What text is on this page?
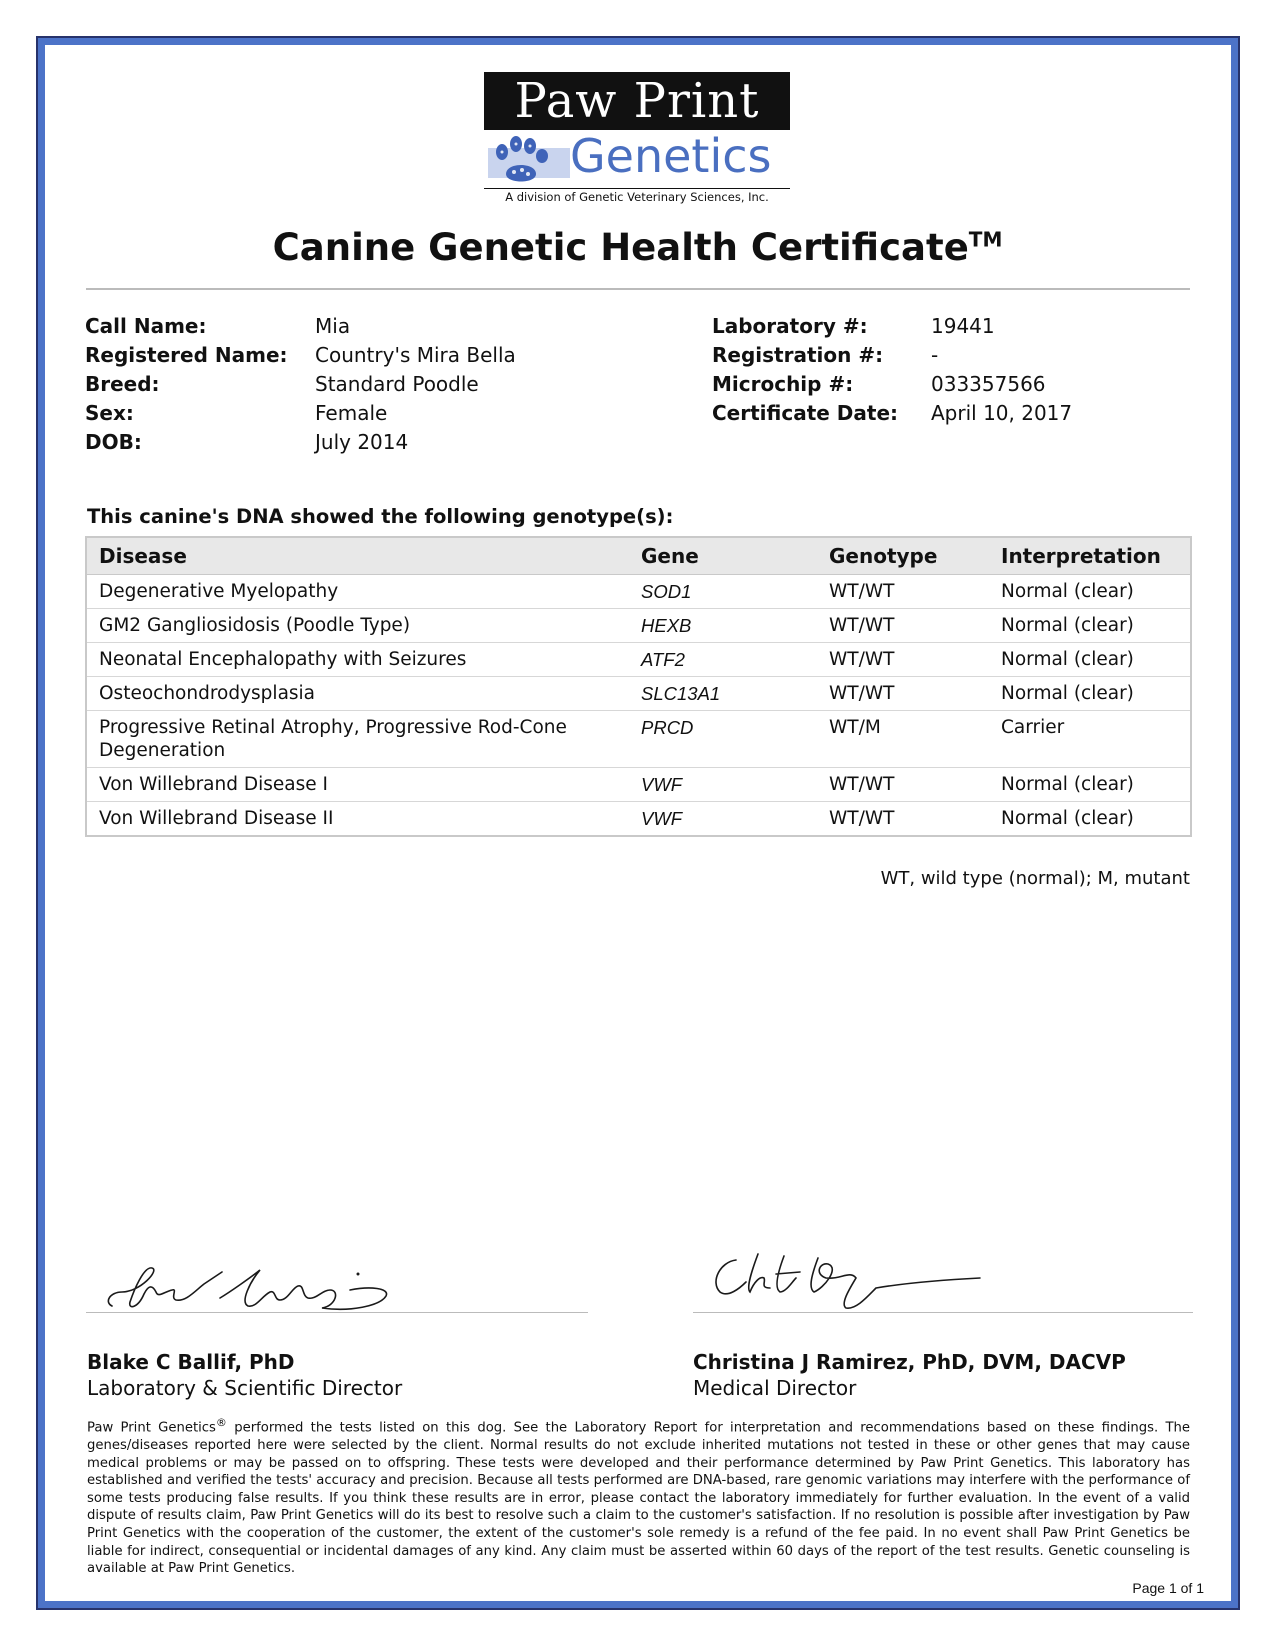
Paw Print
Genetics
A division of Genetic Veterinary Sciences, Inc.
Canine Genetic Health Certificate™
Call Name:	Mia
Registered Name:	Country's Mira Bella
Breed:	Standard Poodle
Sex:	Female
DOB:	July 2014
Laboratory #:	19441
Registration #:	-
Microchip #:	033357566
Certificate Date:	April 10, 2017
This canine's DNA showed the following genotype(s):
Disease	Gene	Genotype	Interpretation
Degenerative Myelopathy	SOD1	WT/WT	Normal (clear)
GM2 Gangliosidosis (Poodle Type)	HEXB	WT/WT	Normal (clear)
Neonatal Encephalopathy with Seizures	ATF2	WT/WT	Normal (clear)
Osteochondrodysplasia	SLC13A1	WT/WT	Normal (clear)
Progressive Retinal Atrophy, Progressive Rod-Cone Degeneration	PRCD	WT/M	Carrier
Von Willebrand Disease I	VWF	WT/WT	Normal (clear)
Von Willebrand Disease II	VWF	WT/WT	Normal (clear)
WT, wild type (normal); M, mutant
Blake C Ballif, PhD
Laboratory & Scientific Director
Christina J Ramirez, PhD, DVM, DACVP
Medical Director
Paw Print Genetics® performed the tests listed on this dog. See the Laboratory Report for interpretation and recommendations based on these findings. The genes/diseases reported here were selected by the client. Normal results do not exclude inherited mutations not tested in these or other genes that may cause medical problems or may be passed on to offspring. These tests were developed and their performance determined by Paw Print Genetics. This laboratory has established and verified the tests' accuracy and precision. Because all tests performed are DNA-based, rare genomic variations may interfere with the performance of some tests producing false results. If you think these results are in error, please contact the laboratory immediately for further evaluation. In the event of a valid dispute of results claim, Paw Print Genetics will do its best to resolve such a claim to the customer's satisfaction. If no resolution is possible after investigation by Paw Print Genetics with the cooperation of the customer, the extent of the customer's sole remedy is a refund of the fee paid. In no event shall Paw Print Genetics be liable for indirect, consequential or incidental damages of any kind. Any claim must be asserted within 60 days of the report of the test results. Genetic counseling is available at Paw Print Genetics.
Page 1 of 1
